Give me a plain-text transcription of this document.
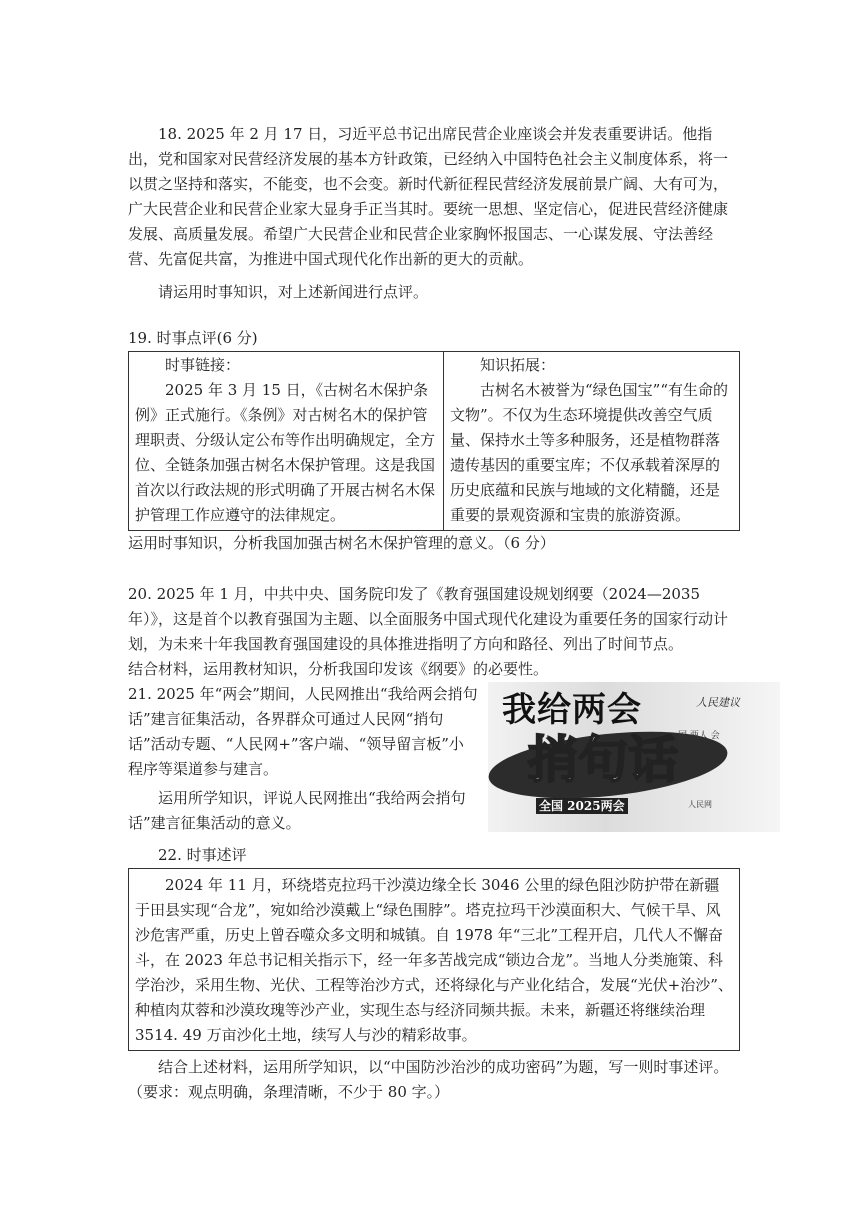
18. 2025 年 2 月 17 日，习近平总书记出席民营企业座谈会并发表重要讲话。他指出，党和国家对民营经济发展的基本方针政策，已经纳入中国特色社会主义制度体系，将一以贯之坚持和落实，不能变，也不会变。新时代新征程民营经济发展前景广阔、大有可为，广大民营企业和民营企业家大显身手正当其时。要统一思想、坚定信心，促进民营经济健康发展、高质量发展。希望广大民营企业和民营企业家胸怀报国志、一心谋发展、守法善经营、先富促共富，为推进中国式现代化作出新的更大的贡献。

请运用时事知识，对上述新闻进行点评。

19. 时事点评(6 分)

时事链接：

2025 年 3 月 15 日，《古树名木保护条例》正式施行。《条例》对古树名木的保护管理职责、分级认定公布等作出明确规定，全方位、全链条加强古树名木保护管理。这是我国首次以行政法规的形式明确了开展古树名木保护管理工作应遵守的法律规定。

知识拓展：

古树名木被誉为“绿色国宝”“有生命的文物”。不仅为生态环境提供改善空气质量、保持水土等多种服务，还是植物群落遗传基因的重要宝库；不仅承载着深厚的历史底蕴和民族与地域的文化精髓，还是重要的景观资源和宝贵的旅游资源。

运用时事知识，分析我国加强古树名木保护管理的意义。（6 分）

20. 2025 年 1 月，中共中央、国务院印发了《教育强国建设规划纲要（2024—2035 年）》，这是首个以教育强国为主题、以全面服务中国式现代化建设为重要任务的国家行动计划，为未来十年我国教育强国建设的具体推进指明了方向和路径、列出了时间节点。

结合材料，运用教材知识，分析我国印发该《纲要》的必要性。

21. 2025 年“两会”期间，人民网推出“我给两会捎句话”建言征集活动，各界群众可通过人民网“捎句话”活动专题、“人民网+”客户端、“领导留言板”小程序等渠道参与建言。

运用所学知识，评说人民网推出“我给两会捎句话”建言征集活动的意义。

我给两会
捎句话
人民建议
国 两人 会
全国 2025两会	人民网

22. 时事述评

2024 年 11 月，环绕塔克拉玛干沙漠边缘全长 3046 公里的绿色阻沙防护带在新疆于田县实现“合龙”，宛如给沙漠戴上“绿色围脖”。塔克拉玛干沙漠面积大、气候干旱、风沙危害严重，历史上曾吞噬众多文明和城镇。自 1978 年“三北”工程开启，几代人不懈奋斗，在 2023 年总书记相关指示下，经一年多苦战完成“锁边合龙”。当地人分类施策、科学治沙，采用生物、光伏、工程等治沙方式，还将绿化与产业化结合，发展“光伏+治沙”、种植肉苁蓉和沙漠玫瑰等沙产业，实现生态与经济同频共振。未来，新疆还将继续治理 3514. 49 万亩沙化土地，续写人与沙的精彩故事。

结合上述材料，运用所学知识，以“中国防沙治沙的成功密码”为题，写一则时事述评。（要求：观点明确，条理清晰，不少于 80 字。）
